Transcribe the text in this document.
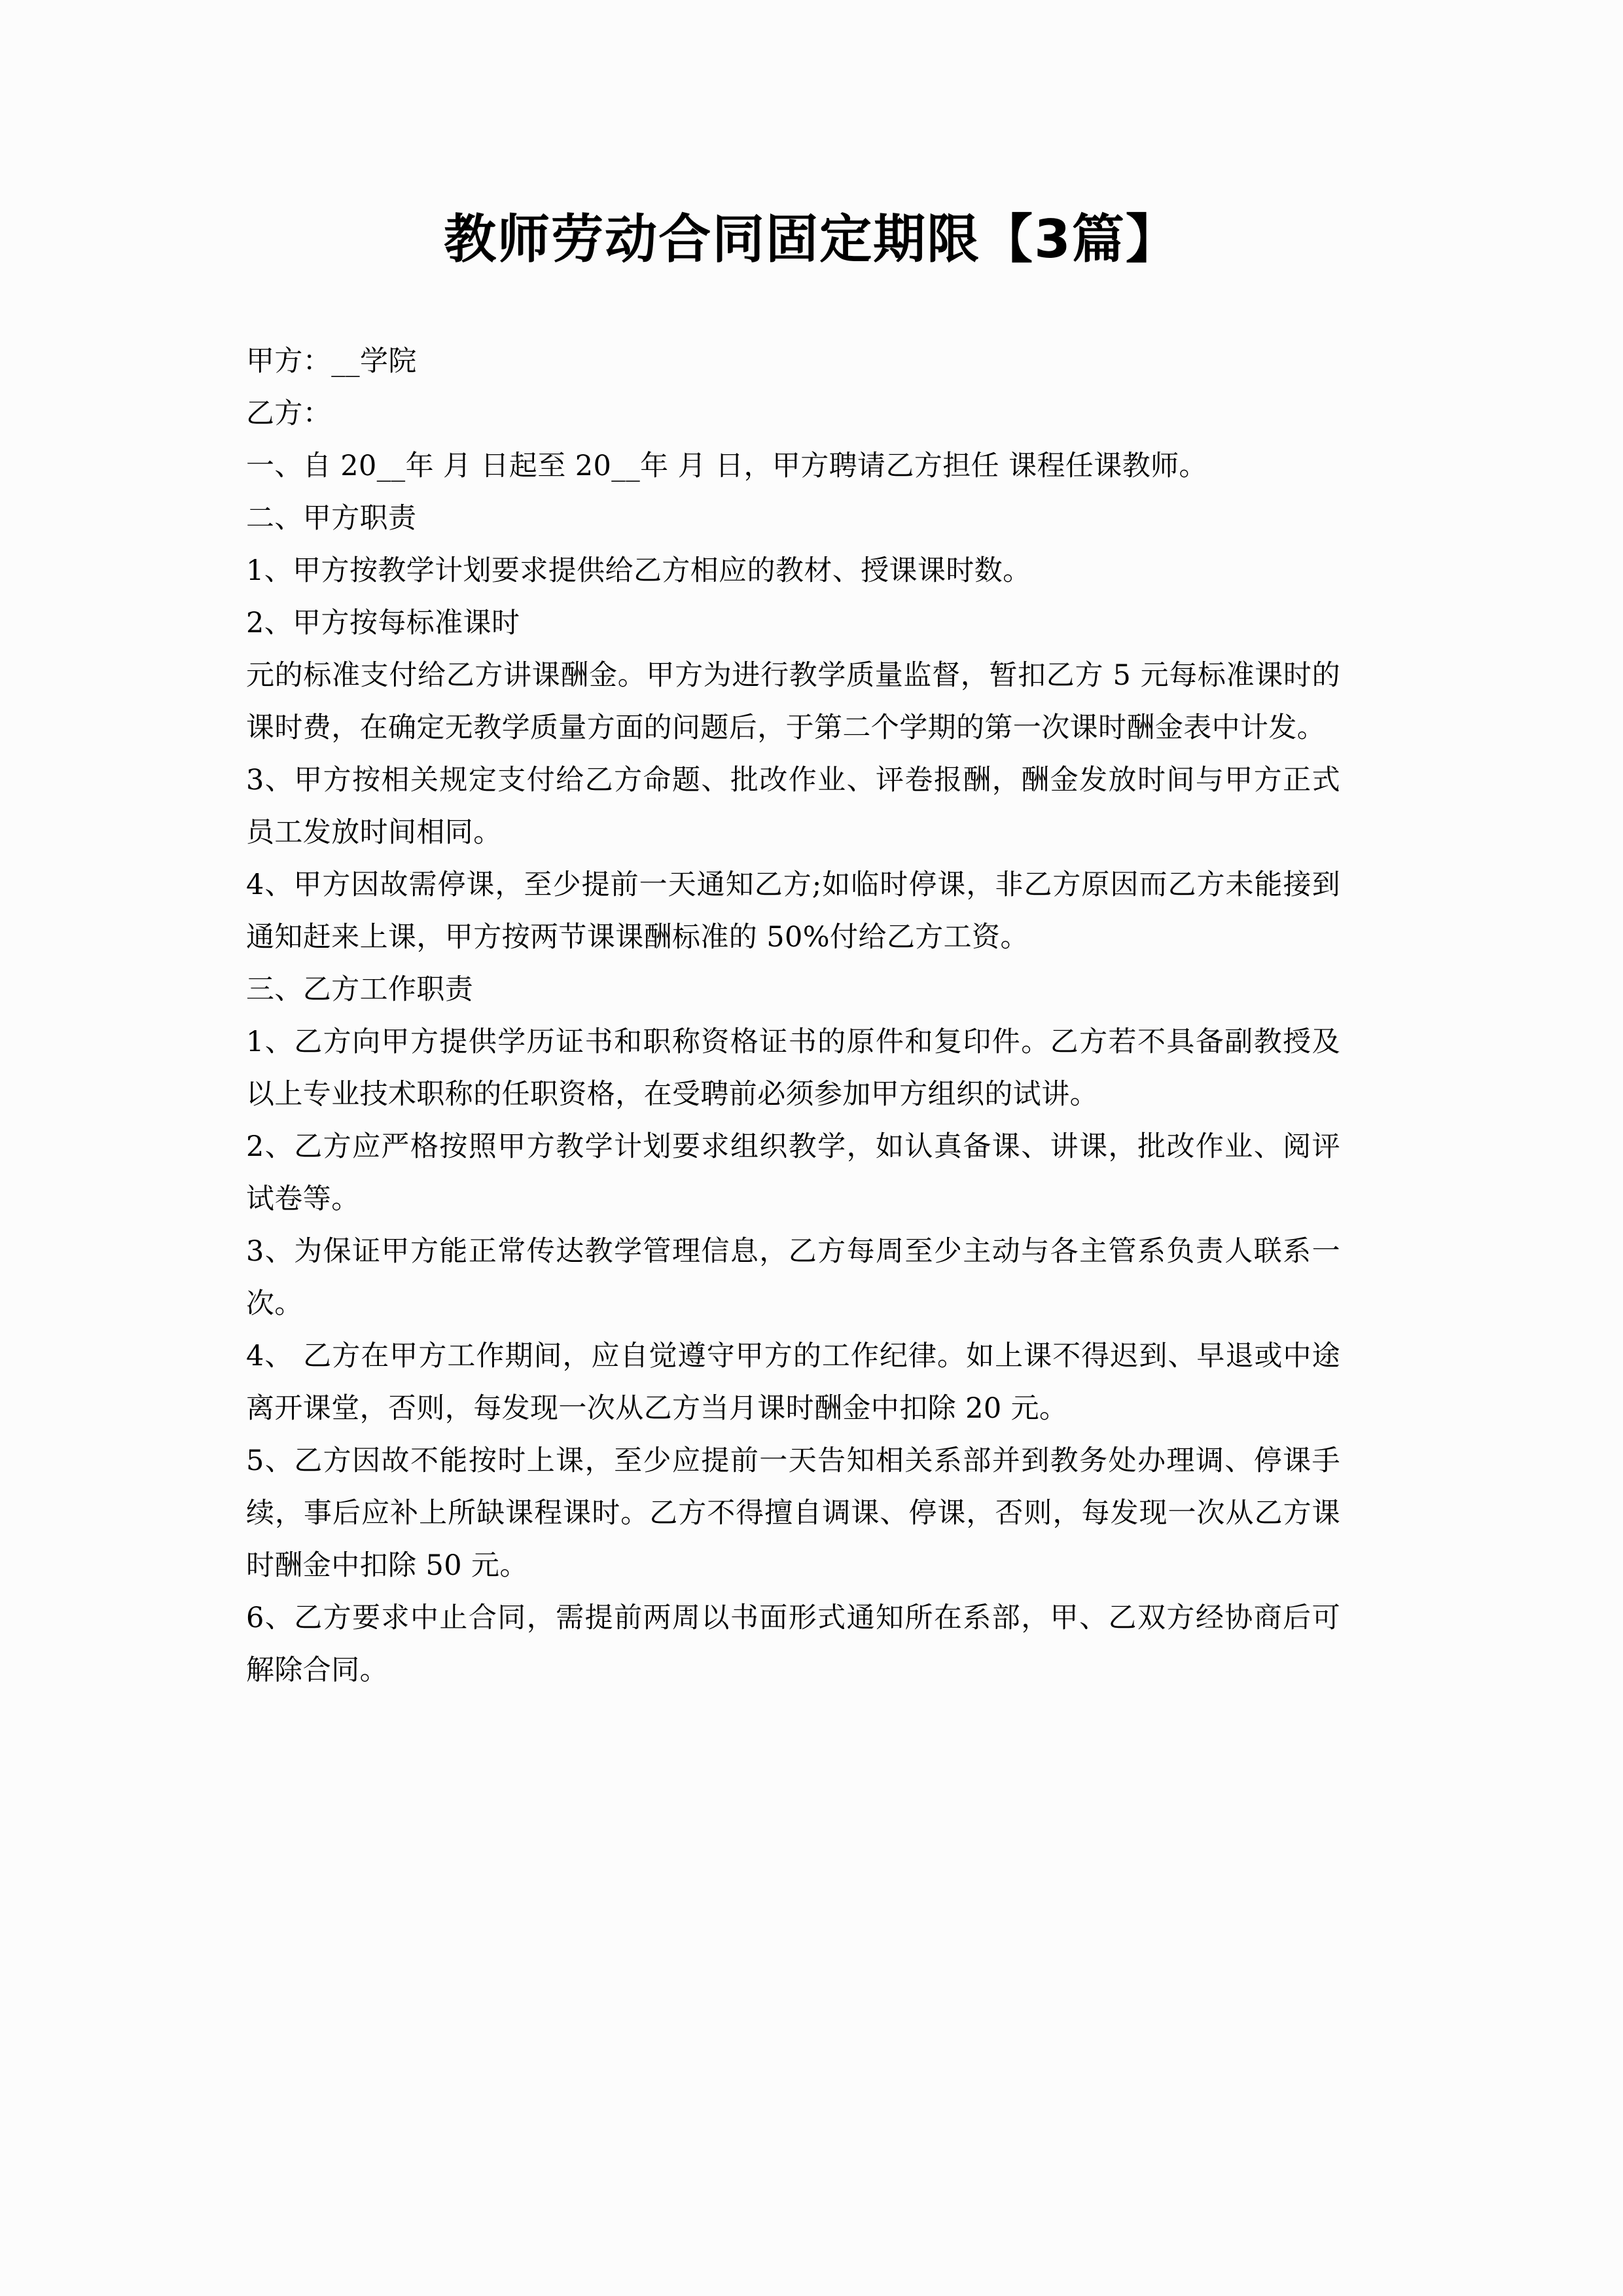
教师劳动合同固定期限【3篇】

甲方：__学院

乙方：

一、自 20__年 月 日起至 20__年 月 日，甲方聘请乙方担任 课程任课教师。

二、甲方职责

1、甲方按教学计划要求提供给乙方相应的教材、授课课时数。

2、甲方按每标准课时

元的标准支付给乙方讲课酬金。甲方为进行教学质量监督，暂扣乙方 5 元每标准课时的课时费，在确定无教学质量方面的问题后，于第二个学期的第一次课时酬金表中计发。

3、甲方按相关规定支付给乙方命题、批改作业、评卷报酬，酬金发放时间与甲方正式员工发放时间相同。

4、甲方因故需停课，至少提前一天通知乙方;如临时停课，非乙方原因而乙方未能接到通知赶来上课，甲方按两节课课酬标准的 50%付给乙方工资。

三、乙方工作职责

1、乙方向甲方提供学历证书和职称资格证书的原件和复印件。乙方若不具备副教授及以上专业技术职称的任职资格，在受聘前必须参加甲方组织的试讲。

2、乙方应严格按照甲方教学计划要求组织教学，如认真备课、讲课，批改作业、阅评试卷等。

3、为保证甲方能正常传达教学管理信息，乙方每周至少主动与各主管系负责人联系一次。

4、 乙方在甲方工作期间，应自觉遵守甲方的工作纪律。如上课不得迟到、早退或中途离开课堂，否则，每发现一次从乙方当月课时酬金中扣除 20 元。

5、乙方因故不能按时上课，至少应提前一天告知相关系部并到教务处办理调、停课手续，事后应补上所缺课程课时。乙方不得擅自调课、停课，否则，每发现一次从乙方课时酬金中扣除 50 元。

6、乙方要求中止合同，需提前两周以书面形式通知所在系部，甲、乙双方经协商后可解除合同。
